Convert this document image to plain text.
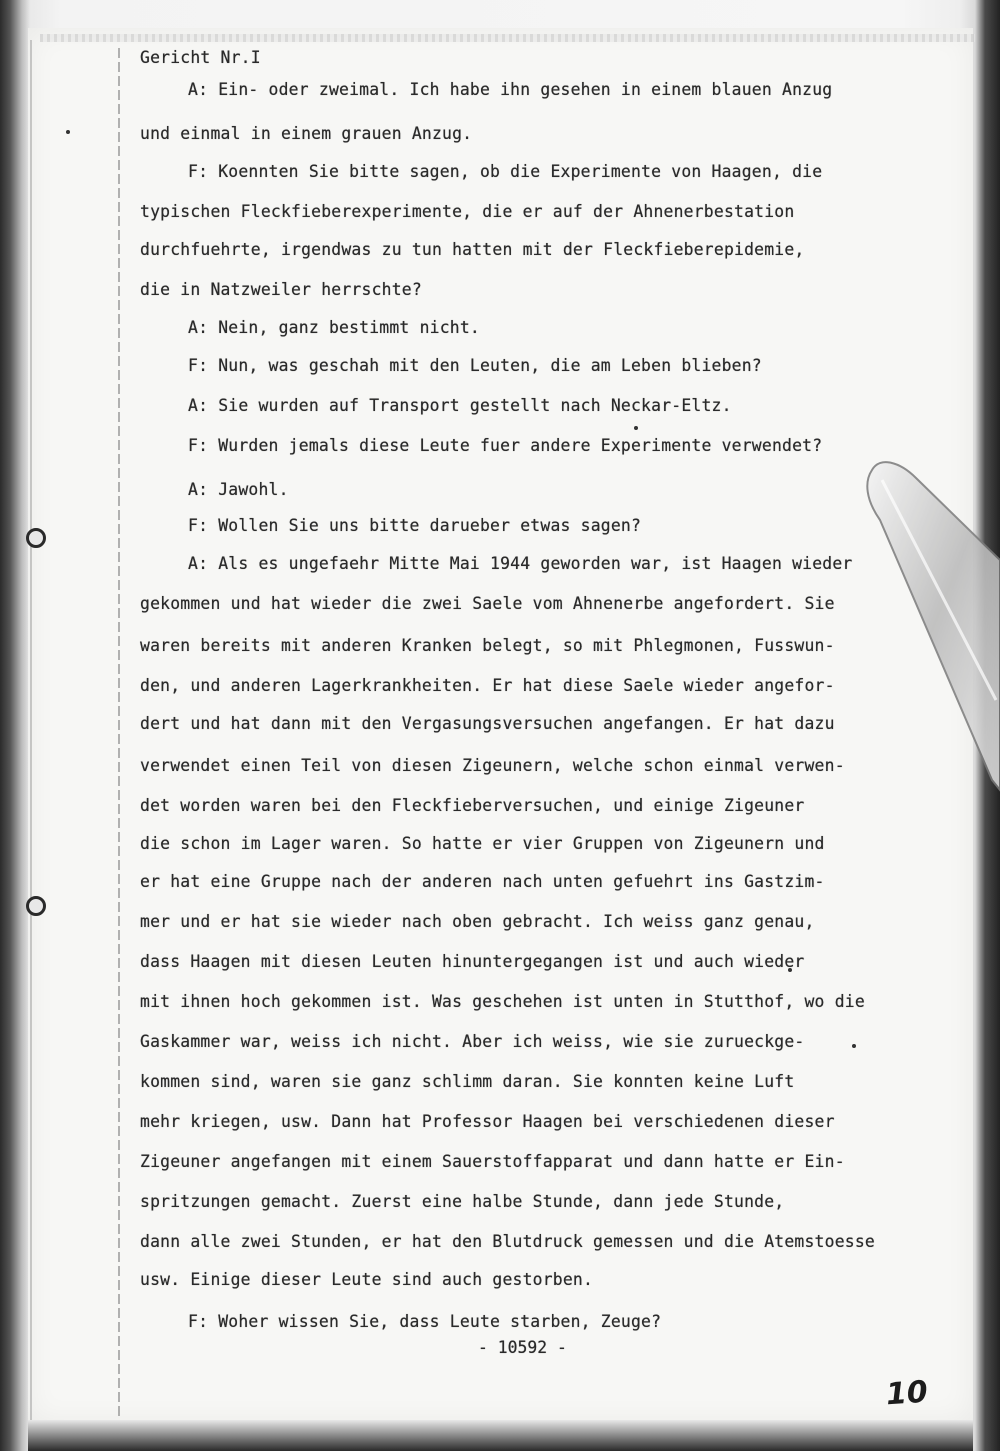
Gericht Nr.I
A: Ein- oder zweimal. Ich habe ihn gesehen in einem blauen Anzug
und einmal in einem grauen Anzug.
F: Koennten Sie bitte sagen, ob die Experimente von Haagen, die
typischen Fleckfieberexperimente, die er auf der Ahnenerbestation
durchfuehrte, irgendwas zu tun hatten mit der Fleckfieberepidemie,
die in Natzweiler herrschte?
A: Nein, ganz bestimmt nicht.
F: Nun, was geschah mit den Leuten, die am Leben blieben?
A: Sie wurden auf Transport gestellt nach Neckar-Eltz.
F: Wurden jemals diese Leute fuer andere Experimente verwendet?
A: Jawohl.
F: Wollen Sie uns bitte darueber etwas sagen?
A: Als es ungefaehr Mitte Mai 1944 geworden war, ist Haagen wieder
gekommen und hat wieder die zwei Saele vom Ahnenerbe angefordert. Sie
waren bereits mit anderen Kranken belegt, so mit Phlegmonen, Fusswun-
den, und anderen Lagerkrankheiten. Er hat diese Saele wieder angefor-
dert und hat dann mit den Vergasungsversuchen angefangen. Er hat dazu
verwendet einen Teil von diesen Zigeunern, welche schon einmal verwen-
det worden waren bei den Fleckfieberversuchen, und einige Zigeuner
die schon im Lager waren. So hatte er vier Gruppen von Zigeunern und
er hat eine Gruppe nach der anderen nach unten gefuehrt ins Gastzim-
mer und er hat sie wieder nach oben gebracht. Ich weiss ganz genau,
dass Haagen mit diesen Leuten hinuntergegangen ist und auch wieder
mit ihnen hoch gekommen ist. Was geschehen ist unten in Stutthof, wo die
Gaskammer war, weiss ich nicht. Aber ich weiss, wie sie zurueckge-
kommen sind, waren sie ganz schlimm daran. Sie konnten keine Luft
mehr kriegen, usw. Dann hat Professor Haagen bei verschiedenen dieser
Zigeuner angefangen mit einem Sauerstoffapparat und dann hatte er Ein-
spritzungen gemacht. Zuerst eine halbe Stunde, dann jede Stunde,
dann alle zwei Stunden, er hat den Blutdruck gemessen und die Atemstoesse
usw. Einige dieser Leute sind auch gestorben.
F: Woher wissen Sie, dass Leute starben, Zeuge?
- 10592 -
10
